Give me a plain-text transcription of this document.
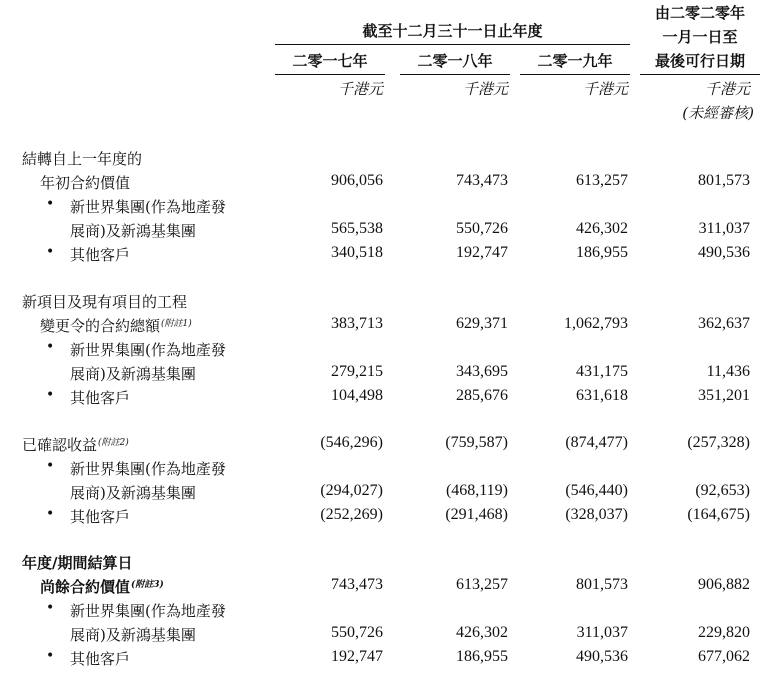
截至十二月三十一日止年度
二零一七年	二零一八年	二零一九年
由二零二零年
一月一日至
最後可行日期
千港元	千港元	千港元	千港元
(未經審核)
結轉自上一年度的
年初合約價值	906,056	743,473	613,257	801,573
• 新世界集團(作為地產發
展商)及新鴻基集團	565,538	550,726	426,302	311,037
• 其他客戶	340,518	192,747	186,955	490,536
新項目及現有項目的工程
變更令的合約總額$^{(附註1)}$	383,713	629,371	1,062,793	362,637
• 新世界集團(作為地產發
展商)及新鴻基集團	279,215	343,695	431,175	11,436
• 其他客戶	104,498	285,676	631,618	351,201
已確認收益$^{(附註2)}$	(546,296)	(759,587)	(874,477)	(257,328)
• 新世界集團(作為地產發
展商)及新鴻基集團	(294,027)	(468,119)	(546,440)	(92,653)
• 其他客戶	(252,269)	(291,468)	(328,037)	(164,675)
年度/期間結算日
尚餘合約價值$^{(附註3)}$	743,473	613,257	801,573	906,882
• 新世界集團(作為地產發
展商)及新鴻基集團	550,726	426,302	311,037	229,820
• 其他客戶	192,747	186,955	490,536	677,062
